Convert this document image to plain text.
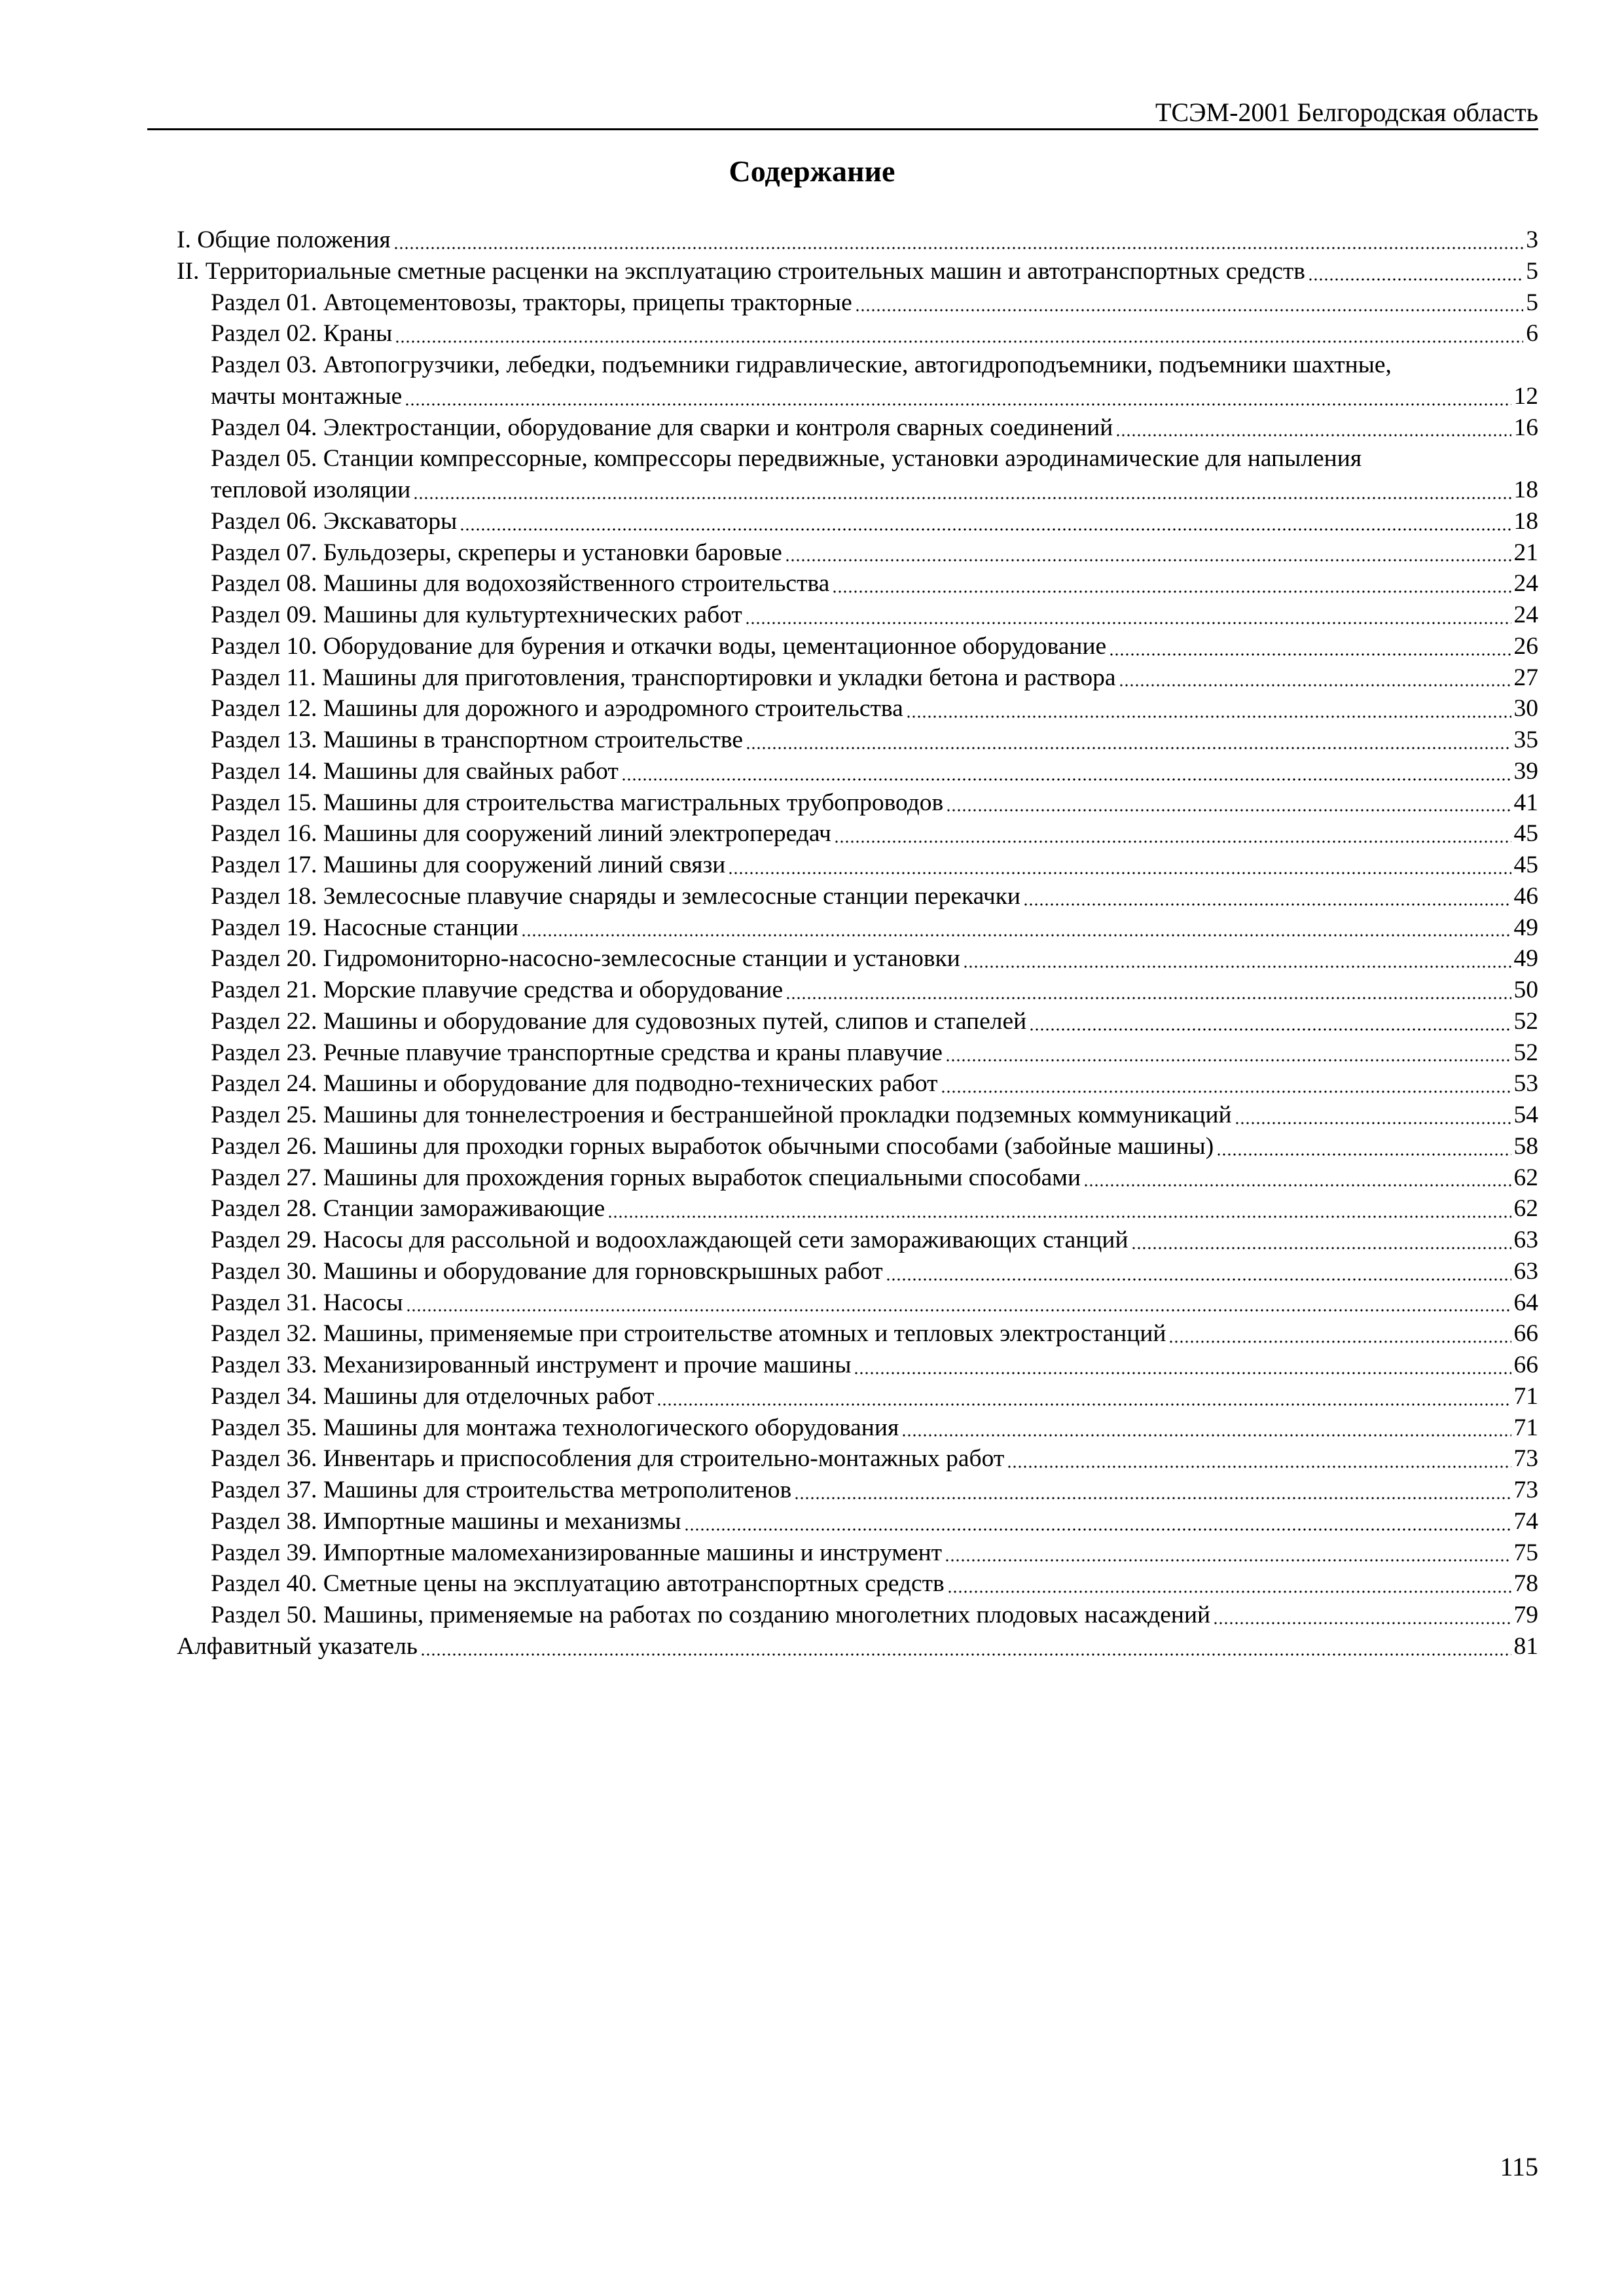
ТСЭМ-2001 Белгородская область
Содержание
I. Общие положения	3
II. Территориальные сметные расценки на эксплуатацию строительных машин и автотранспортных средств	5
Раздел 01. Автоцементовозы, тракторы, прицепы тракторные	5
Раздел 02. Краны	6
Раздел 03. Автопогрузчики, лебедки, подъемники гидравлические, автогидроподъемники, подъемники шахтные,
мачты монтажные	12
Раздел 04. Электростанции, оборудование для сварки и контроля сварных соединений	16
Раздел 05. Станции компрессорные, компрессоры передвижные, установки аэродинамические для напыления
тепловой изоляции	18
Раздел 06. Экскаваторы	18
Раздел 07. Бульдозеры, скреперы и установки баровые	21
Раздел 08. Машины для водохозяйственного строительства	24
Раздел 09. Машины для культуртехнических работ	24
Раздел 10. Оборудование для бурения и откачки воды, цементационное оборудование	26
Раздел 11. Машины для приготовления, транспортировки и укладки бетона и раствора	27
Раздел 12. Машины для дорожного и аэродромного строительства	30
Раздел 13. Машины в транспортном строительстве	35
Раздел 14. Машины для свайных работ	39
Раздел 15. Машины для строительства магистральных трубопроводов	41
Раздел 16. Машины для сооружений линий электропередач	45
Раздел 17. Машины для сооружений линий связи	45
Раздел 18. Землесосные плавучие снаряды и землесосные станции перекачки	46
Раздел 19. Насосные станции	49
Раздел 20. Гидромониторно-насосно-землесосные станции и установки	49
Раздел 21. Морские плавучие средства и оборудование	50
Раздел 22. Машины и оборудование для судовозных путей, слипов и стапелей	52
Раздел 23. Речные плавучие транспортные средства и краны плавучие	52
Раздел 24. Машины и оборудование для подводно-технических работ	53
Раздел 25. Машины для тоннелестроения и бестраншейной прокладки подземных коммуникаций	54
Раздел 26. Машины для проходки горных выработок обычными способами (забойные машины)	58
Раздел 27. Машины для прохождения горных выработок специальными способами	62
Раздел 28. Станции замораживающие	62
Раздел 29. Насосы для рассольной и водоохлаждающей сети замораживающих станций	63
Раздел 30. Машины и оборудование для горновскрышных работ	63
Раздел 31. Насосы	64
Раздел 32. Машины, применяемые при строительстве атомных и тепловых электростанций	66
Раздел 33. Механизированный инструмент и прочие машины	66
Раздел 34. Машины для отделочных работ	71
Раздел 35. Машины для монтажа технологического оборудования	71
Раздел 36. Инвентарь и приспособления для строительно-монтажных работ	73
Раздел 37. Машины для строительства метрополитенов	73
Раздел 38. Импортные машины и механизмы	74
Раздел 39. Импортные маломеханизированные машины и инструмент	75
Раздел 40. Сметные цены на эксплуатацию автотранспортных средств	78
Раздел 50. Машины, применяемые на работах по созданию многолетних плодовых насаждений	79
Алфавитный указатель	81
115
